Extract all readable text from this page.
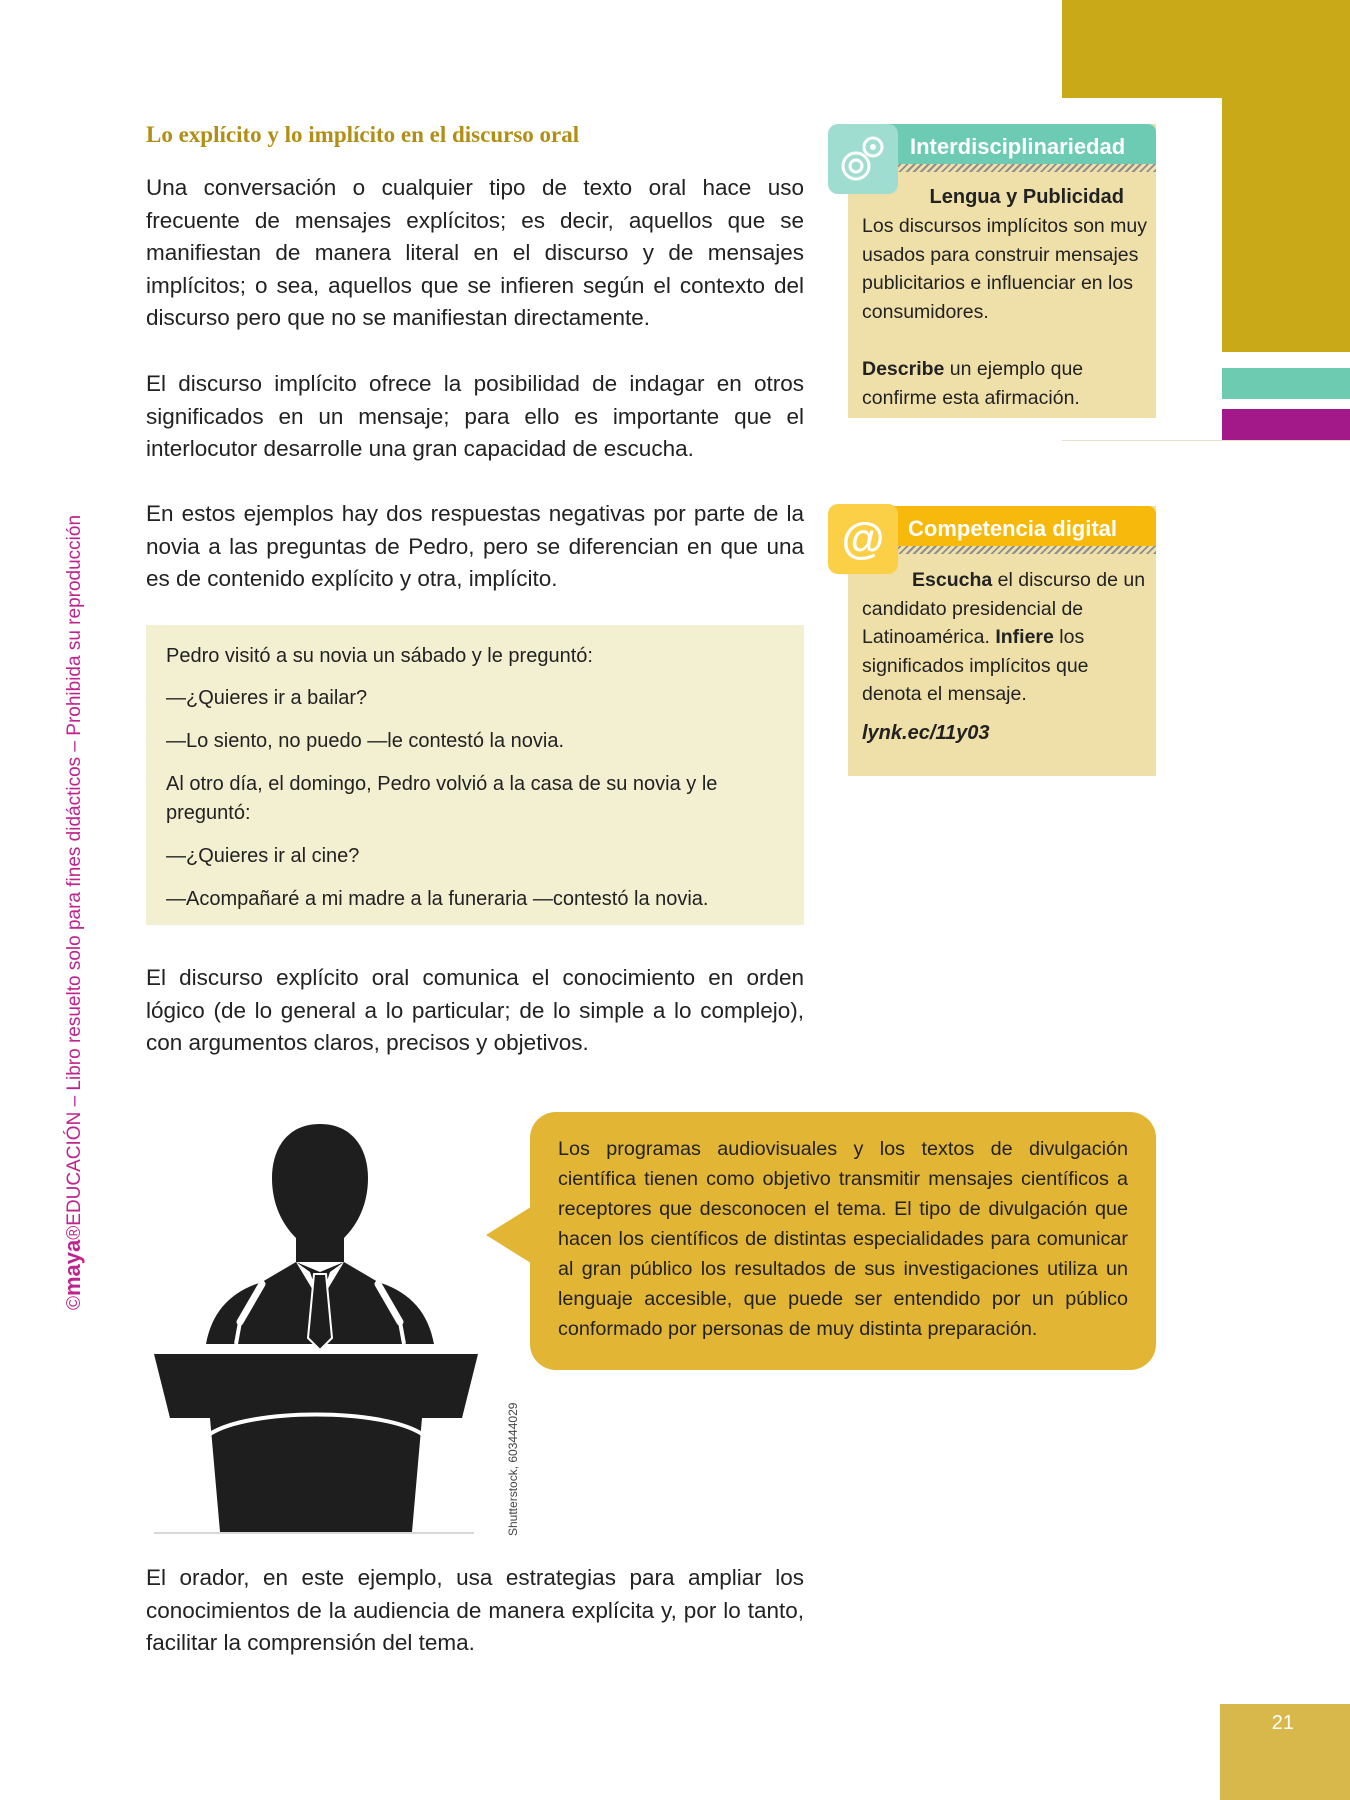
©maya®EDUCACIÓN – Libro resuelto solo para fines didácticos – Prohibida su reproducción
Lo explícito y lo implícito en el discurso oral
Una conversación o cualquier tipo de texto oral hace uso frecuente de mensajes explícitos; es decir, aquellos que se manifiestan de manera literal en el discurso y de mensajes implícitos; o sea, aquellos que se infieren según el contexto del discurso pero que no se manifiestan directamente.
El discurso implícito ofrece la posibilidad de indagar en otros significados en un mensaje; para ello es importante que el interlocutor desarrolle una gran capacidad de escucha.
En estos ejemplos hay dos respuestas negativas por parte de la novia a las preguntas de Pedro, pero se diferencian en que una es de contenido explícito y otra, implícito.
Pedro visitó a su novia un sábado y le preguntó:
—¿Quieres ir a bailar?
—Lo siento, no puedo —le contestó la novia.
Al otro día, el domingo, Pedro volvió a la casa de su novia y le preguntó:
—¿Quieres ir al cine?
—Acompañaré a mi madre a la funeraria —contestó la novia.
El discurso explícito oral comunica el conocimiento en orden lógico (de lo general a lo particular; de lo simple a lo complejo), con argumentos claros, precisos y objetivos.
Interdisciplinariedad
Lengua y Publicidad
Los discursos implícitos son muy usados para construir mensajes publicitarios e influenciar en los consumidores.
Describe un ejemplo que confirme esta afirmación.
Competencia digital
@
Escucha el discurso de un candidato presidencial de Latinoamérica. Infiere los significados implícitos que denota el mensaje.
lynk.ec/11y03
Shutterstock, 603444029
Los programas audiovisuales y los textos de divulgación científica tienen como objetivo transmitir mensajes científicos a receptores que desconocen el tema. El tipo de divulgación que hacen los científicos de distintas especialidades para comunicar al gran público los resultados de sus investigaciones utiliza un lenguaje accesible, que puede ser entendido por un público conformado por personas de muy distinta preparación.
El orador, en este ejemplo, usa estrategias para ampliar los conocimientos de la audiencia de manera explícita y, por lo tanto, facilitar la comprensión del tema.
21
